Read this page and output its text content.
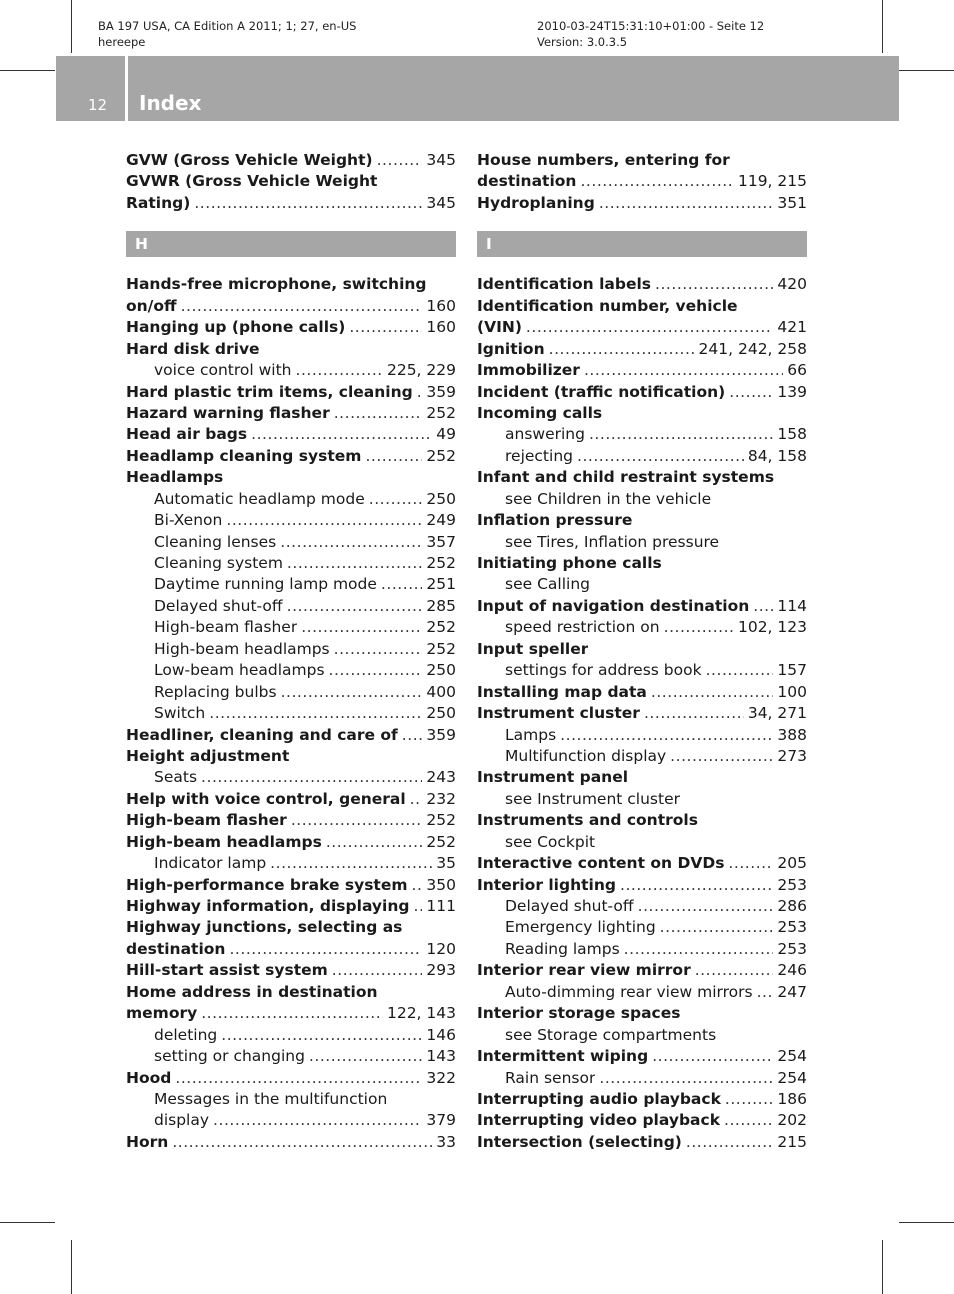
BA 197 USA, CA Edition A 2011; 1; 27, en-US
hereepe
2010-03-24T15:31:10+01:00 - Seite 12
Version: 3.0.3.5
12 Index
GVW (Gross Vehicle Weight) . . .	345
GVWR (Gross Vehicle Weight
Rating) . . .	345
H
Hands-free microphone, switching
on/off . . .	160
Hanging up (phone calls) . . .	160
Hard disk drive
voice control with . . .	225, 229
Hard plastic trim items, cleaning . . . 359
Hazard warning flasher . . .	252
Head air bags . . .	49
Headlamp cleaning system . . .	252
Headlamps
Automatic headlamp mode . . .	250
Bi-Xenon . . .	249
Cleaning lenses . . .	357
Cleaning system . . .	252
Daytime running lamp mode . . .	251
Delayed shut-off . . .	285
High-beam flasher . . .	252
High-beam headlamps . . .	252
Low-beam headlamps . . .	250
Replacing bulbs . . .	400
Switch . . .	250
Headliner, cleaning and care of . . . 359
Height adjustment
Seats . . .	243
Help with voice control, general . . . 232
High-beam flasher . . .	252
High-beam headlamps . . .	252
Indicator lamp . . .	35
High-performance brake system . . . 350
Highway information, displaying . . . 111
Highway junctions, selecting as
destination . . .	120
Hill-start assist system . . .	293
Home address in destination
memory . . .	122, 143
deleting . . .	146
setting or changing . . .	143
Hood . . .	322
Messages in the multifunction
display . . .	379
Horn . . .	33
House numbers, entering for
destination . . .	119, 215
Hydroplaning . . .	351
I
Identification labels . . .	420
Identification number, vehicle
(VIN) . . .	421
Ignition . . .	241, 242, 258
Immobilizer . . .	66
Incident (traffic notification) . . .	139
Incoming calls
answering . . .	158
rejecting . . .	84, 158
Infant and child restraint systems
see Children in the vehicle
Inflation pressure
see Tires, Inflation pressure
Initiating phone calls
see Calling
Input of navigation destination . . . 114
speed restriction on . . .	102, 123
Input speller
settings for address book . . .	157
Installing map data . . .	100
Instrument cluster . . .	34, 271
Lamps . . .	388
Multifunction display . . .	273
Instrument panel
see Instrument cluster
Instruments and controls
see Cockpit
Interactive content on DVDs . . .	205
Interior lighting . . .	253
Delayed shut-off . . .	286
Emergency lighting . . .	253
Reading lamps . . .	253
Interior rear view mirror . . .	246
Auto-dimming rear view mirrors . . . 247
Interior storage spaces
see Storage compartments
Intermittent wiping . . .	254
Rain sensor . . .	254
Interrupting audio playback . . .	186
Interrupting video playback . . .	202
Intersection (selecting) . . .	215
